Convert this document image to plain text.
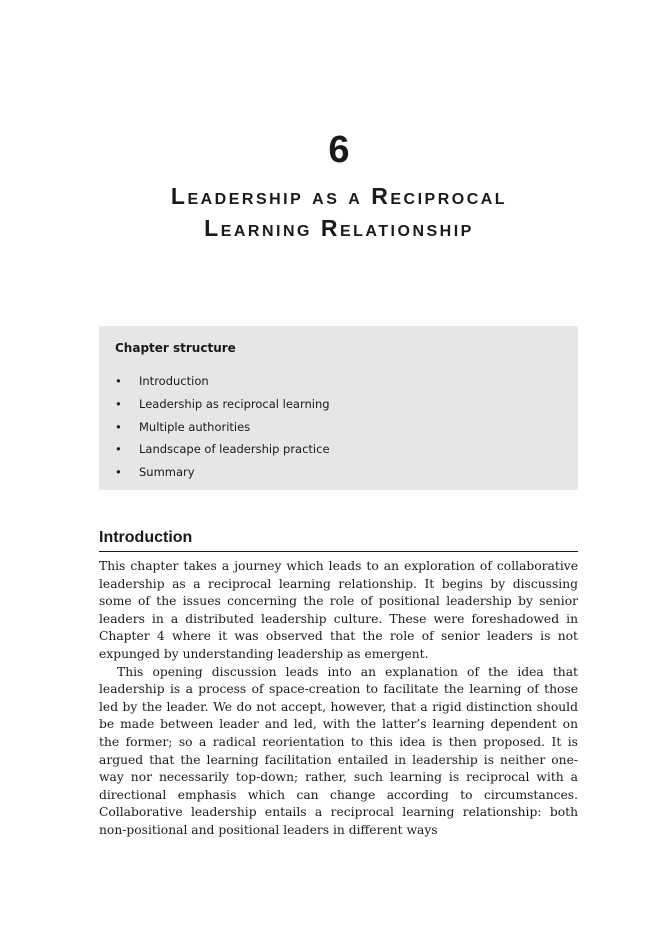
6
Leadership as a Reciprocal
Learning Relationship
Chapter structure
• Introduction
• Leadership as reciprocal learning
• Multiple authorities
• Landscape of leadership practice
• Summary
Introduction

This chapter takes a journey which leads to an exploration of collaborative leadership as a reciprocal learning relationship. It begins by discussing some of the issues concerning the role of positional leadership by senior leaders in a distributed leadership culture. These were foreshadowed in Chapter 4 where it was observed that the role of senior leaders is not expunged by understanding leadership as emergent.

This opening discussion leads into an explanation of the idea that leadership is a process of space-creation to facilitate the learning of those led by the leader. We do not accept, however, that a rigid distinction should be made between leader and led, with the latter’s learning dependent on the former; so a radical reorientation to this idea is then proposed. It is argued that the learning facilitation entailed in leadership is neither one-way nor necessarily top-down; rather, such learning is reciprocal with a directional emphasis which can change according to circumstances. Collaborative leadership entails a reciprocal learning relationship: both non-positional and positional leaders in different ways
